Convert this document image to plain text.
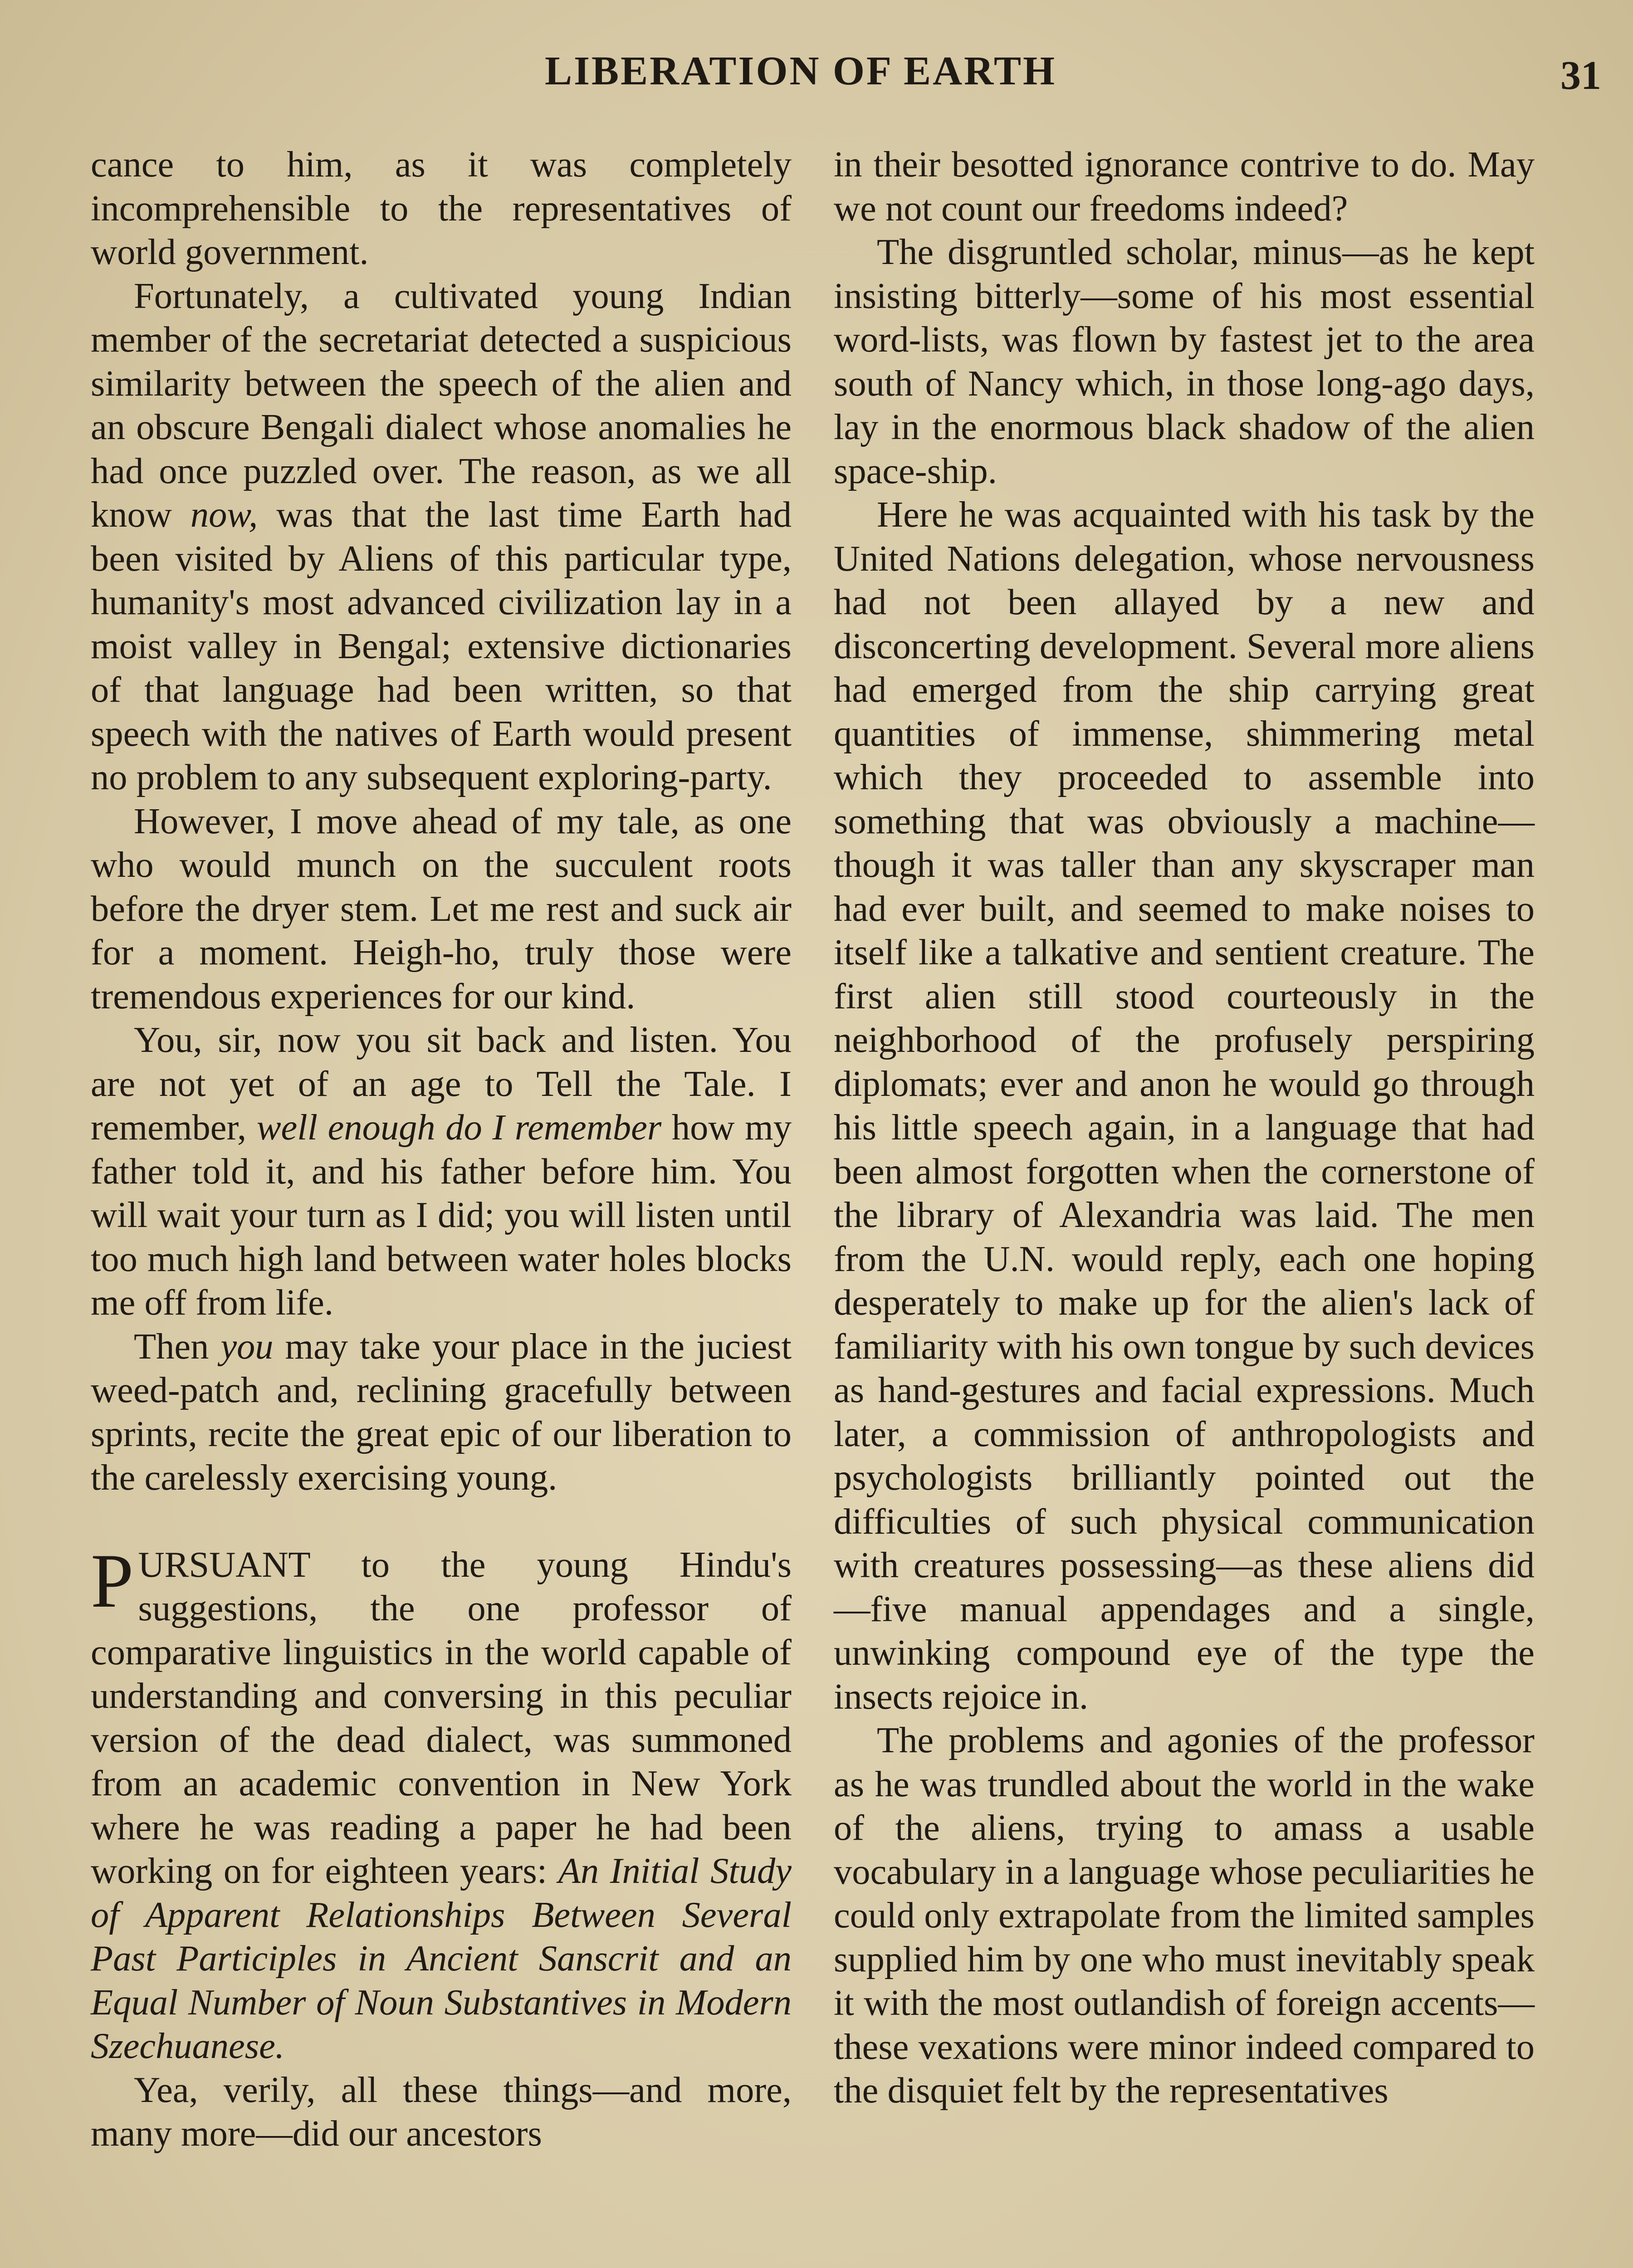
LIBERATION OF EARTH	31

cance to him, as it was completely incomprehensible to the representatives of world government.

Fortunately, a cultivated young Indian member of the secretariat detected a suspicious similarity between the speech of the alien and an obscure Bengali dialect whose anomalies he had once puzzled over. The reason, as we all know now, was that the last time Earth had been visited by Aliens of this particular type, humanity's most advanced civilization lay in a moist valley in Bengal; extensive dictionaries of that language had been written, so that speech with the natives of Earth would present no problem to any subsequent exploring-party.

However, I move ahead of my tale, as one who would munch on the succulent roots before the dryer stem. Let me rest and suck air for a moment. Heigh-ho, truly those were tremendous experiences for our kind.

You, sir, now you sit back and listen. You are not yet of an age to Tell the Tale. I remember, well enough do I remember how my father told it, and his father before him. You will wait your turn as I did; you will listen until too much high land between water holes blocks me off from life.

Then you may take your place in the juciest weed-patch and, reclining gracefully between sprints, recite the great epic of our liberation to the carelessly exercising young.

PURSUANT to the young Hindu's suggestions, the one professor of comparative linguistics in the world capable of understanding and conversing in this peculiar version of the dead dialect, was summoned from an academic convention in New York where he was reading a paper he had been working on for eighteen years: An Initial Study of Apparent Relationships Between Several Past Participles in Ancient Sanscrit and an Equal Number of Noun Substantives in Modern Szechuanese.

Yea, verily, all these things—and more, many more—did our ancestors

in their besotted ignorance contrive to do. May we not count our freedoms indeed?

The disgruntled scholar, minus—as he kept insisting bitterly—some of his most essential word-lists, was flown by fastest jet to the area south of Nancy which, in those long-ago days, lay in the enormous black shadow of the alien space-ship.

Here he was acquainted with his task by the United Nations delegation, whose nervousness had not been allayed by a new and disconcerting development. Several more aliens had emerged from the ship carrying great quantities of immense, shimmering metal which they proceeded to assemble into something that was obviously a machine—though it was taller than any skyscraper man had ever built, and seemed to make noises to itself like a talkative and sentient creature. The first alien still stood courteously in the neighborhood of the profusely perspiring diplomats; ever and anon he would go through his little speech again, in a language that had been almost forgotten when the cornerstone of the library of Alexandria was laid. The men from the U.N. would reply, each one hoping desperately to make up for the alien's lack of familiarity with his own tongue by such devices as hand-gestures and facial expressions. Much later, a commission of anthropologists and psychologists brilliantly pointed out the difficulties of such physical communication with creatures possessing—as these aliens did—five manual appendages and a single, unwinking compound eye of the type the insects rejoice in.

The problems and agonies of the professor as he was trundled about the world in the wake of the aliens, trying to amass a usable vocabulary in a language whose peculiarities he could only extrapolate from the limited samples supplied him by one who must inevitably speak it with the most outlandish of foreign accents—these vexations were minor indeed compared to the disquiet felt by the representatives
